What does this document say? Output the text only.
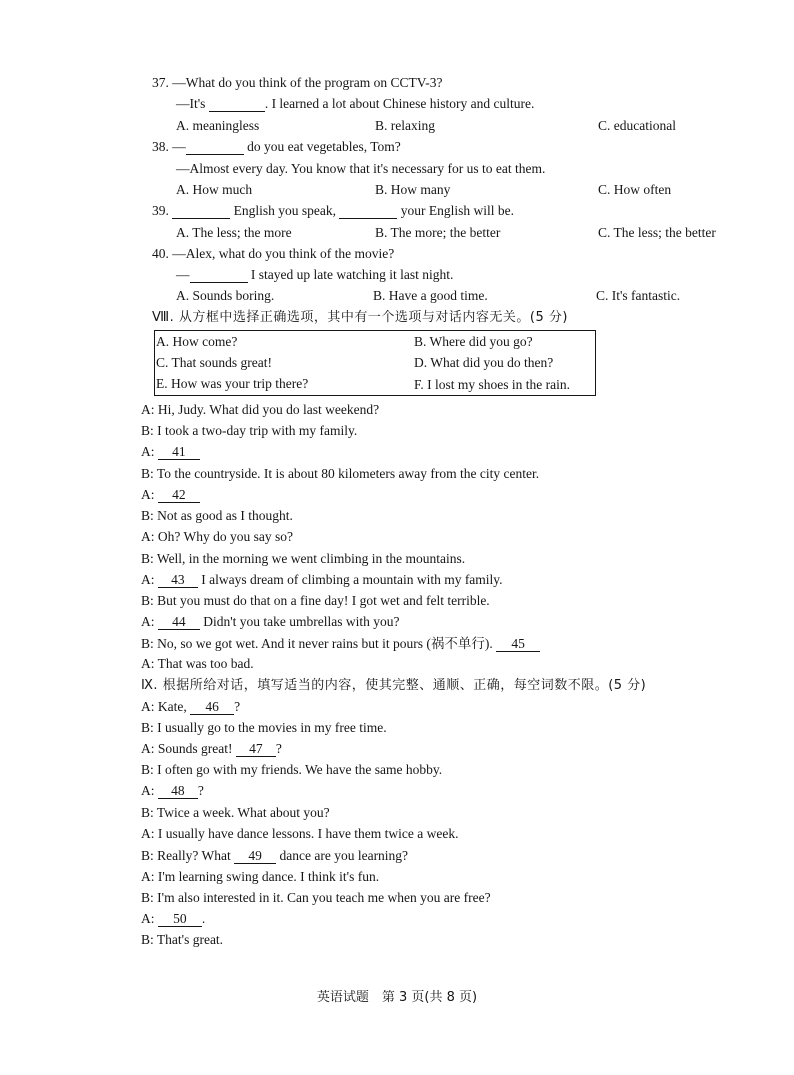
37. —What do you think of the program on CCTV-3?
—It's	. I learned a lot about Chinese history and culture.
A. meaningless	B. relaxing	C. educational
38. —	do you eat vegetables, Tom?
—Almost every day. You know that it's necessary for us to eat them.
A. How much	B. How many	C. How often
39.	English you speak,	your English will be.
A. The less; the more	B. The more; the better	C. The less; the better
40. —Alex, what do you think of the movie?
—	I stayed up late watching it last night.
A. Sounds boring.	B. Have a good time.	C. It's fantastic.
Ⅷ. 从方框中选择正确选项，其中有一个选项与对话内容无关。(5 分)
A. How come?	B. Where did you go?
C. That sounds great!	D. What did you do then?
E. How was your trip there?	F. I lost my shoes in the rain.
A: Hi, Judy. What did you do last weekend?
B: I took a two-day trip with my family.
A: 41
B: To the countryside. It is about 80 kilometers away from the city center.
A: 42
B: Not as good as I thought.
A: Oh? Why do you say so?
B: Well, in the morning we went climbing in the mountains.
A: 43 I always dream of climbing a mountain with my family.
B: But you must do that on a fine day! I got wet and felt terrible.
A: 44 Didn't you take umbrellas with you?
B: No, so we got wet. And it never rains but it pours (祸不单行). 45
A: That was too bad.
Ⅸ. 根据所给对话，填写适当的内容，使其完整、通顺、正确，每空词数不限。(5 分)
A: Kate, 46 ?
B: I usually go to the movies in my free time.
A: Sounds great! 47 ?
B: I often go with my friends. We have the same hobby.
A: 48 ?
B: Twice a week. What about you?
A: I usually have dance lessons. I have them twice a week.
B: Really? What 49 dance are you learning?
A: I'm learning swing dance. I think it's fun.
B: I'm also interested in it. Can you teach me when you are free?
A: 50 .
B: That's great.
英语试题　第 3 页(共 8 页)
